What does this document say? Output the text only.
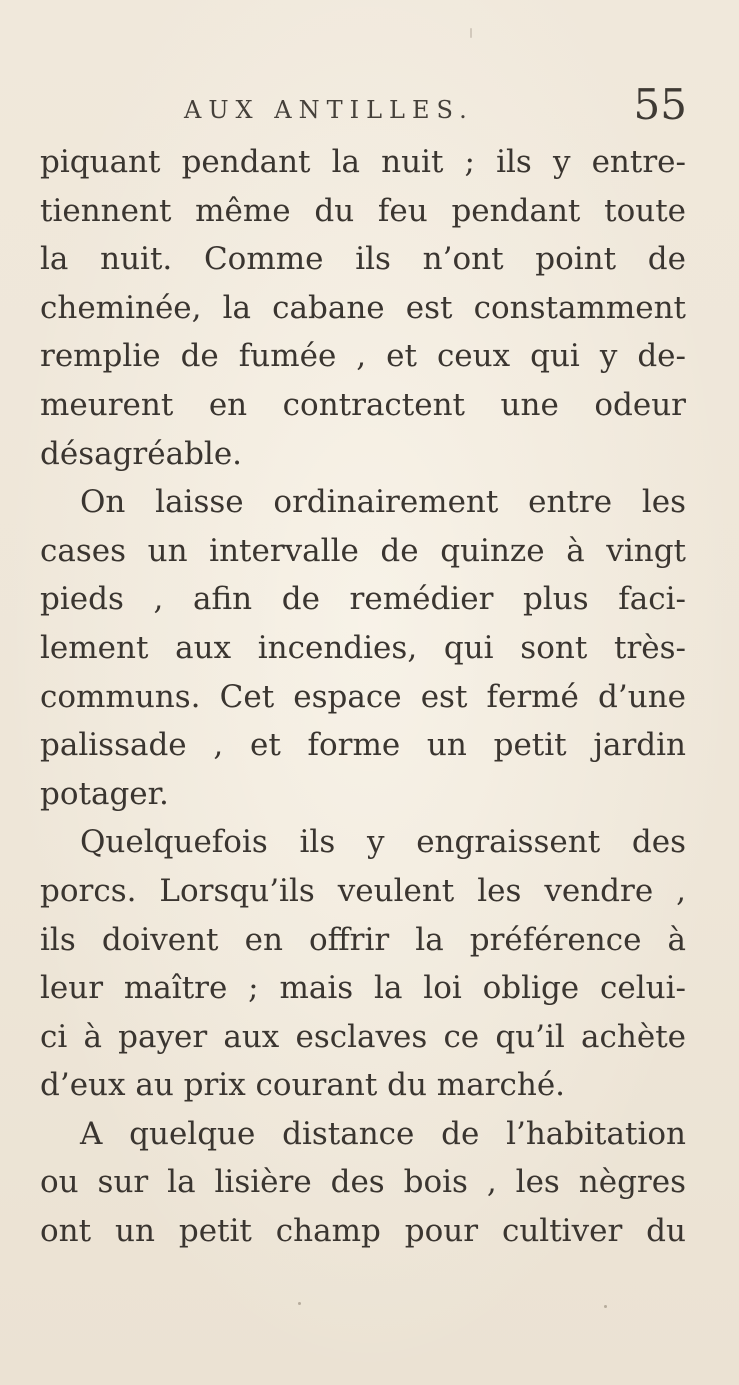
AUX ANTILLES.	55
piquant pendant la nuit ; ils y entre-
tiennent même du feu pendant toute
la nuit. Comme ils n’ont point de
cheminée, la cabane est constamment
remplie de fumée , et ceux qui y de-
meurent en contractent une odeur
désagréable.
On laisse ordinairement entre les
cases un intervalle de quinze à vingt
pieds , afin de remédier plus faci-
lement aux incendies, qui sont très-
communs. Cet espace est fermé d’une
palissade , et forme un petit jardin
potager.
Quelquefois ils y engraissent des
porcs. Lorsqu’ils veulent les vendre ,
ils doivent en offrir la préférence à
leur maître ; mais la loi oblige celui-
ci à payer aux esclaves ce qu’il achète
d’eux au prix courant du marché.
A quelque distance de l’habitation
ou sur la lisière des bois , les nègres
ont un petit champ pour cultiver du
